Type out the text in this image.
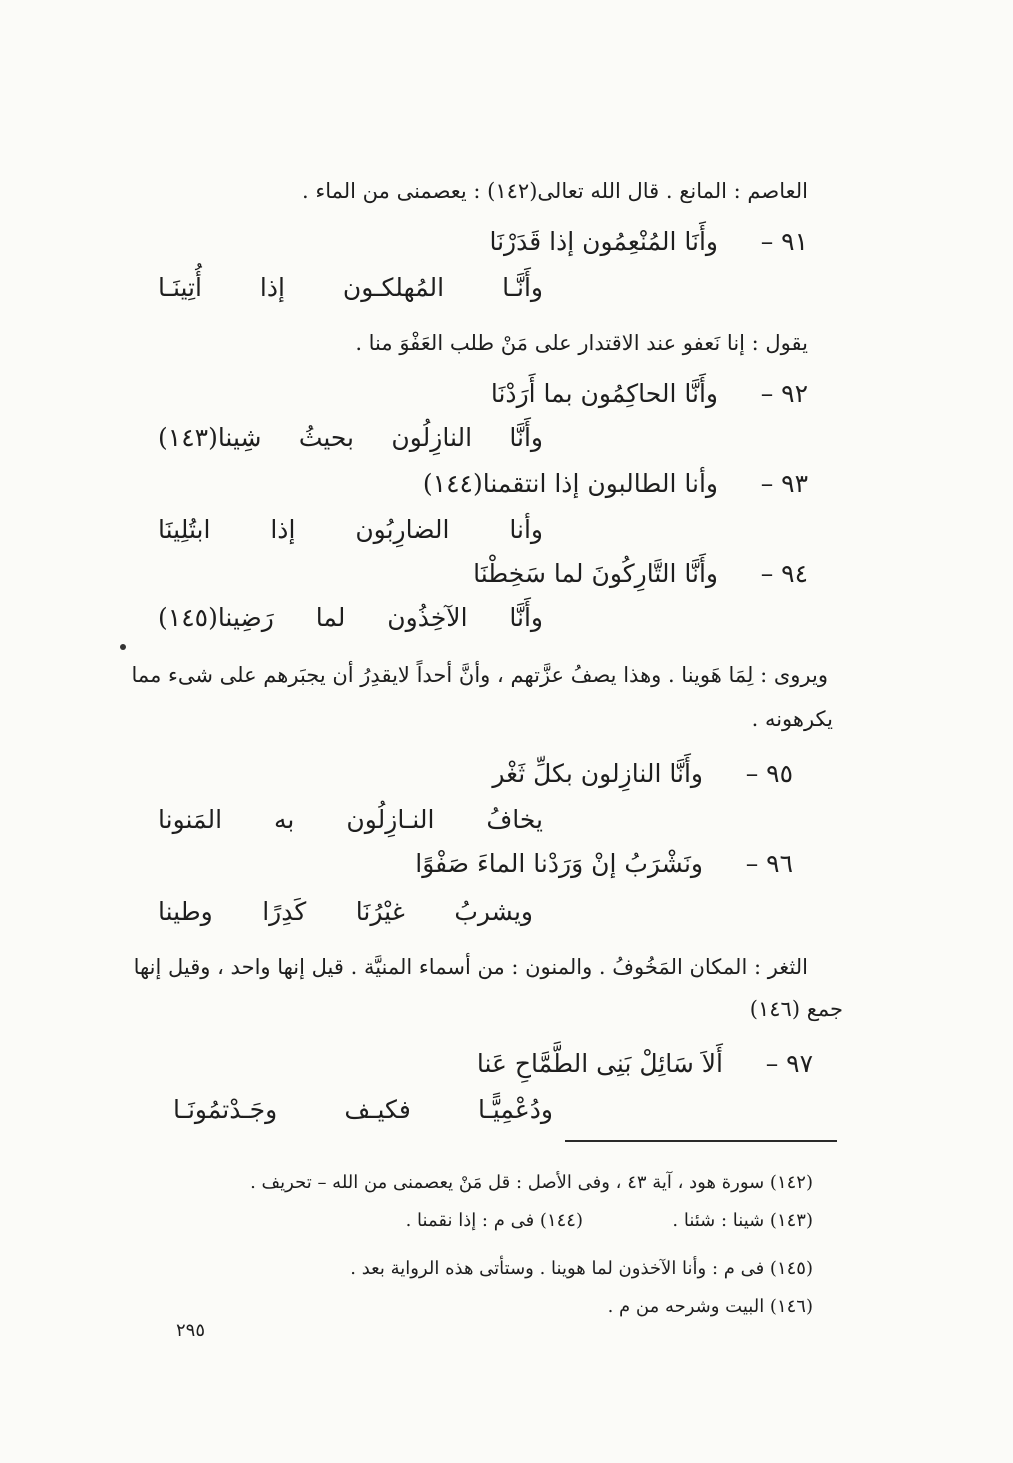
العاصم : المانع . قال الله تعالى(١٤٢) : يعصمنى من الماء .
٩١ –
وأَنَا المُنْعِمُون إذا قَدَرْنَا
وأَنَّـا
المُهلكـون
إذا
أُتِينَـا
يقول : إنا نَعفو عند الاقتدار على مَنْ طلب العَفْوَ منا .
٩٢ –
وأَنَّا الحاكِمُون بما أَرَدْنَا
وأَنَّا
النازِلُون
بحيثُ
شِينا(١٤٣)
٩٣ –
وأنا الطالبون إذا انتقمنا(١٤٤)
وأنا
الضارِبُون
إذا
ابتُلِينَا
٩٤ –
وأَنَّا التَّارِكُونَ لما سَخِطْنَا
وأَنَّا
الآخِذُون
لما
رَضِينا(١٤٥)
ويروى : لِمَا هَوينا . وهذا يصفُ عزَّتهم ، وأنَّ أحداً لايقدِرُ أن يجبَرهم على شىء مما
يكرهونه .
٩٥ –
وأَنَّا النازِلون بكلِّ ثَغْر
يخافُ
النـازِلُون
به
المَنونا
٩٦ –
ونَشْرَبُ إنْ وَرَدْنا الماءَ صَفْوًا
ويشربُ
غيْرُنَا
كَدِرًا
وطينا
الثغر : المكان المَخُوفُ . والمنون : من أسماء المنيَّة . قيل إنها واحد ، وقيل إنها
جمع (١٤٦)
٩٧ –
أَلاَ سَائِلْ بَنِى الطَّمَّاحِ عَنا
ودُعْمِيًّـا
فكيـف
وجَـدْتمُونَـا
(١٤٢) سورة هود ، آية ٤٣ ، وفى الأصل : قل مَنْ يعصمنى من الله – تحريف .
(١٤٣) شينا : شئنا .
(١٤٤) فى م : إذا نقمنا .
(١٤٥) فى م : وأنا الآخذون لما هوينا . وستأتى هذه الرواية بعد .
(١٤٦) البيت وشرحه من م .
٢٩٥
